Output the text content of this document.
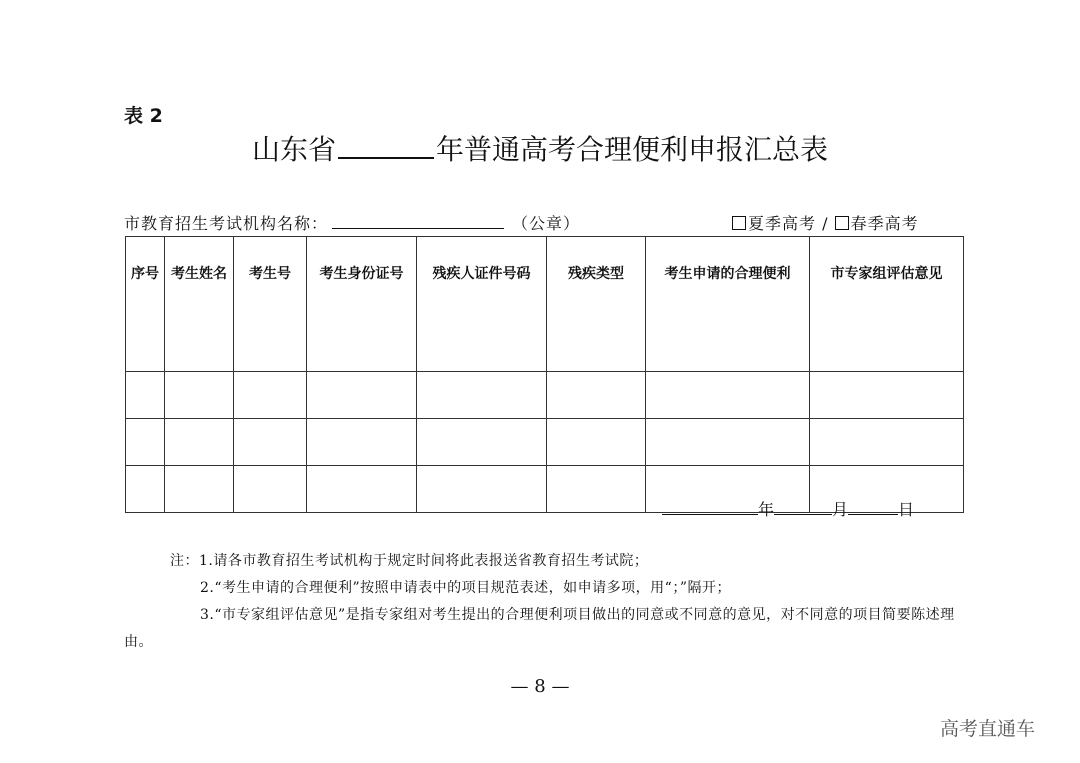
表 2
山东省	年普通高考合理便利申报汇总表
市教育招生考试机构名称：	（公章）	夏季高考 / 春季高考
序号	考生姓名	考生号	考生身份证号	残疾人证件号码	残疾类型	考生申请的合理便利	市专家组评估意见

年	月	日
注：1.请各市教育招生考试机构于规定时间将此表报送省教育招生考试院；
2.“考生申请的合理便利”按照申请表中的项目规范表述，如申请多项，用“；”隔开；
3.“市专家组评估意见”是指专家组对考生提出的合理便利项目做出的同意或不同意的意见，对不同意的项目简要陈述理
由。
— 8 —
高考直通车
